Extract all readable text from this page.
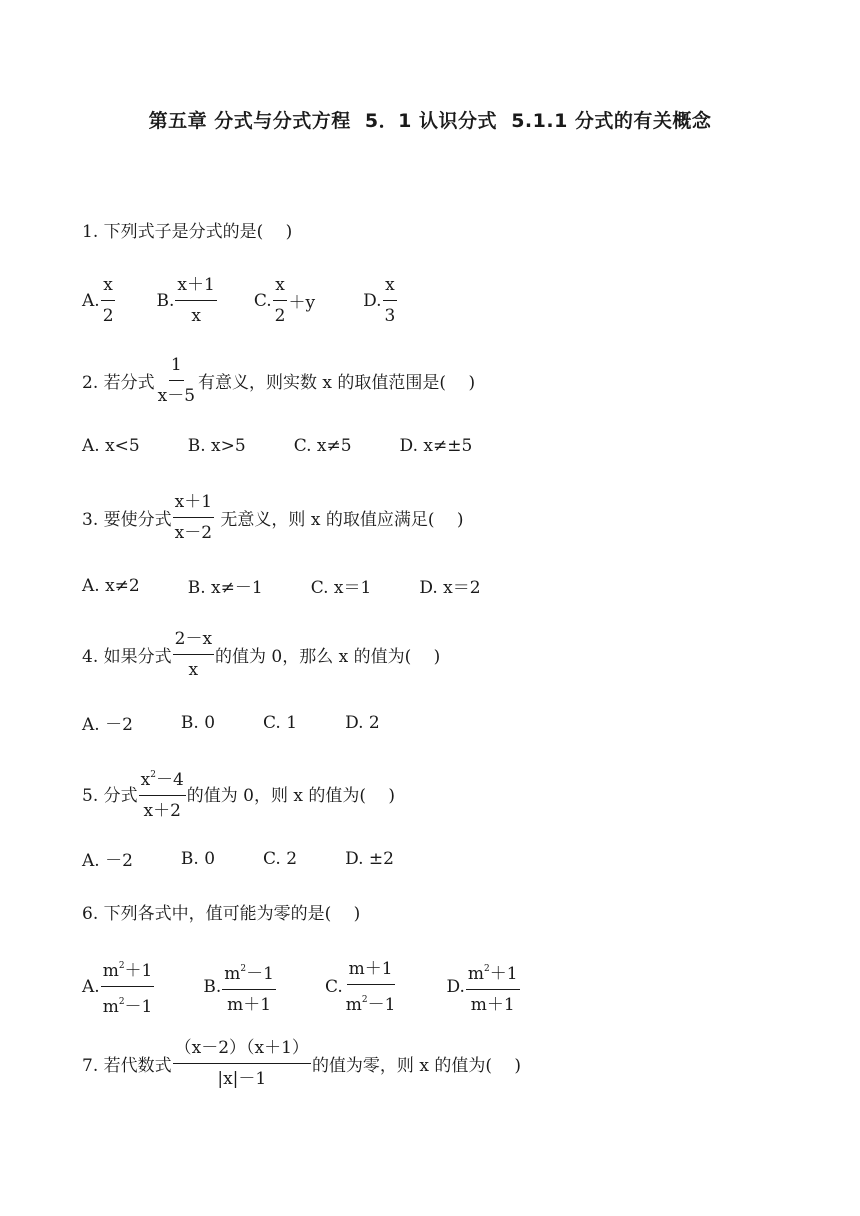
第五章 分式与分式方程  5．1 认识分式  5.1.1 分式的有关概念
1. 下列式子是分式的是(　 )
A. $\frac{x}{2} B$. $\frac{x+1}{x} C$. $\frac{x}{2} +y$	D. $\frac{x}{3}$
2. 若分式 $\frac{1}{x-5}$ 有意义，则实数 x 的取值范围是(　 )
A. x<5	B. x>5	C. x≠5	D. x≠±5
3. 要使分式 $\frac{x+1}{x-2}$ 无意义，则 x 的取值应满足(　 )
A. x≠2	B. x≠－1	C. x＝1	D. x＝2
4. 如果分式 $\frac{2-x}{x}$ 的值为 0，那么 x 的值为(　 )
A. －2	B. 0	C. 1	D. 2
5. 分式 $\frac{x^2-4}{x+2}$ 的值为 0，则 x 的值为(　 )
A. －2	B. 0	C. 2	D. ±2
6. 下列各式中，值可能为零的是(　 )
A. $\frac{m^2+1}{m^2-1}$	B. $\frac{m^2-1}{m+1}$	C. $\frac{m+1}{m^2-1}$	D. $\frac{m^2+1}{m+1}$
7. 若代数式 $\frac{(x-2)(x+1)}{|x|-1}$ 的值为零，则 x 的值为(　 )
